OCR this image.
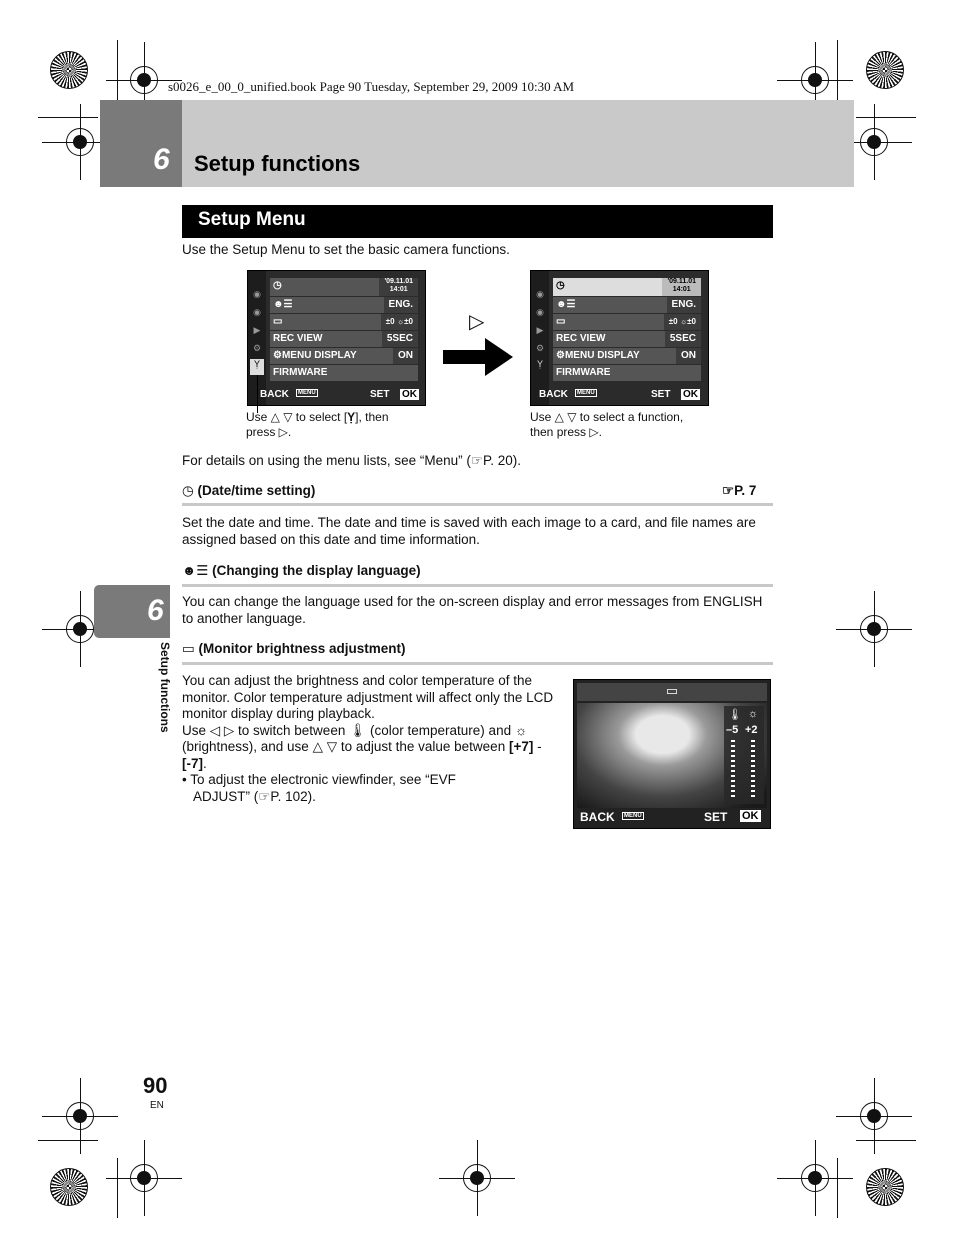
s0026_e_00_0_unified.book Page 90 Tuesday, September 29, 2009 10:30 AM
6 Setup functions
6
Setup functions
Setup Menu
Use the Setup Menu to set the basic camera functions.
◉
◉
▶
⚙
Ỵ
◷	'09.11.01
14:01
☻☰	ENG.
▭	±0 ☼±0
REC VIEW	5SEC
⚙MENU DISPLAY	ON
FIRMWARE
BACK	MENU	SET OK
▷
◉
◉
▶
⚙
Ỵ
◷	'09.11.01
14:01
☻☰	ENG.
▭	±0 ☼±0
REC VIEW	5SEC
⚙MENU DISPLAY	ON
FIRMWARE
BACK	MENU	SET OK
Use △ ▽ to select [Ỵ], then press ▷.
Use △ ▽ to select a function, then press ▷.
For details on using the menu lists, see “Menu” (☞P. 20).
◷ (Date/time setting)	☞P. 7
Set the date and time. The date and time is saved with each image to a card, and file names are assigned based on this date and time information.
☻☰ (Changing the display language)
You can change the language used for the on-screen display and error messages from ENGLISH to another language.
▭ (Monitor brightness adjustment)
You can adjust the brightness and color temperature of the monitor. Color temperature adjustment will affect only the LCD monitor display during playback.
Use ◁ ▷ to switch between 🌡 (color temperature) and ☼ (brightness), and use △ ▽ to adjust the value between [+7] - [-7].
• To adjust the electronic viewfinder, see “EVF
ADJUST” (☞P. 102).
▭
🌡 ☼
–5 +2
BACK	MENU	SET OK
90
EN
